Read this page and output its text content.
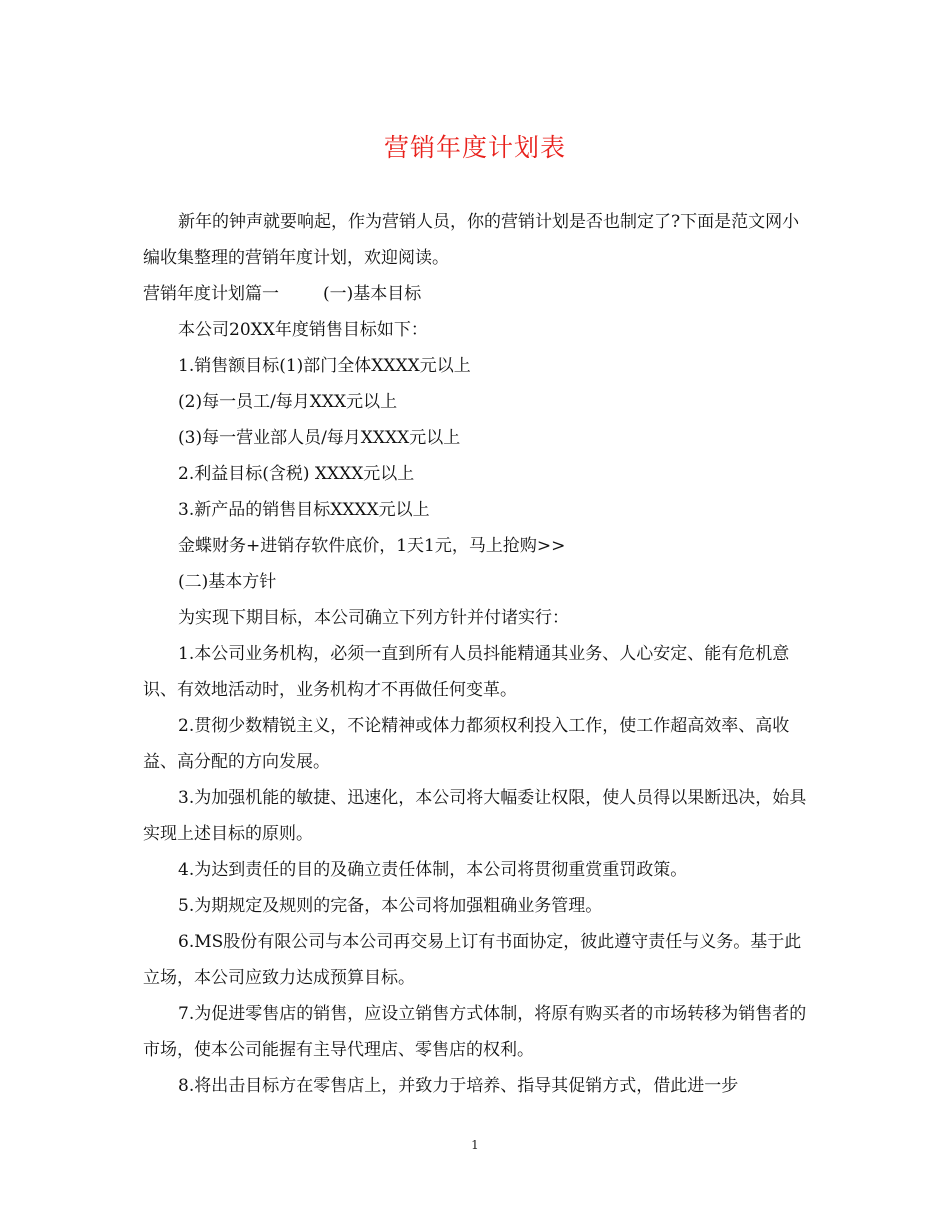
营销年度计划表

新年的钟声就要响起，作为营销人员，你的营销计划是否也制定了?下面是范文网小编收集整理的营销年度计划，欢迎阅读。

营销年度计划篇一	(一)基本目标

本公司20XX年度销售目标如下：

1.销售额目标(1)部门全体XXXX元以上

(2)每一员工/每月XXX元以上

(3)每一营业部人员/每月XXXX元以上

2.利益目标(含税) XXXX元以上

3.新产品的销售目标XXXX元以上

金蝶财务+进销存软件底价，1天1元，马上抢购>>

(二)基本方针

为实现下期目标，本公司确立下列方针并付诸实行：

1.本公司业务机构，必须一直到所有人员抖能精通其业务、人心安定、能有危机意识、有效地活动时，业务机构才不再做任何变革。

2.贯彻少数精锐主义，不论精神或体力都须权利投入工作，使工作超高效率、高收益、高分配的方向发展。

3.为加强机能的敏捷、迅速化，本公司将大幅委让权限，使人员得以果断迅决，始具实现上述目标的原则。

4.为达到责任的目的及确立责任体制，本公司将贯彻重赏重罚政策。

5.为期规定及规则的完备，本公司将加强粗确业务管理。

6.MS股份有限公司与本公司再交易上订有书面协定，彼此遵守责任与义务。基于此立场，本公司应致力达成预算目标。

7.为促进零售店的销售，应设立销售方式体制，将原有购买者的市场转移为销售者的市场，使本公司能握有主导代理店、零售店的权利。

8.将出击目标方在零售店上，并致力于培养、指导其促销方式，借此进一步

1
